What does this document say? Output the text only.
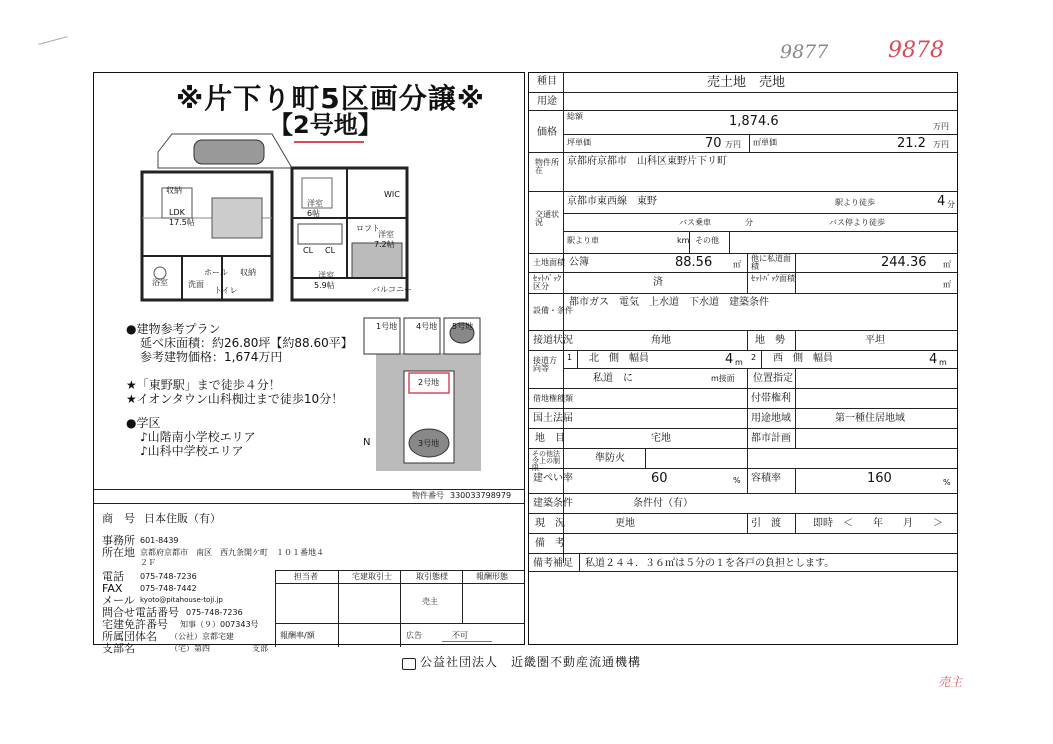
9877	9878
売主
※片下り町5区画分譲※
【2号地】
収納
LDK
17.5帖
ホール 収納
浴室	洗面
トイレ
WIC
洋室
6帖
ロフト
洋室
7.2帖
CL CL
洋室
5.9帖	バルコニー
●建物参考プラン
延べ床面積：約26.80坪【約88.60平】
参考建物価格：1,674万円
★「東野駅」まで徒歩４分！
★イオンタウン山科椥辻まで徒歩10分！
●学区
♪山階南小学校エリア
♪山科中学校エリア
1号地 4号地 5号地
2号地
3号地
N
物件番号 330033798979
商　号 日本住販（有）
事務所 601-8439
所在地 京都府京都市　南区　西九条開ケ町　１０１番地４
２Ｆ
電話 075-748-7236
FAX 075-748-7442
メール kyoto@pitahouse-toji.jp
問合せ電話番号 075-748-7236
宅建免許番号 知事（９）007343号
所属団体名 （公社）京都宅建
支部名	（宅）第四	支部
担当者	宅建取引士	取引態様	報酬形態
売主
報酬率/額	広告	不可
種目	売土地　売地
用途
価格
総額	1,874.6	万円
坪単価	70 万円 ㎡単価	21.2 万円
物件所在
京都府京都市　山科区東野片下リ町
交通状況
京都市東西線　東野	駅より徒歩	4 分
バス乗車	分	バス停より徒歩
駅より車	km その他
土地面積 公簿	88.56	㎡
他に私道面積	244.36 ㎡
ｾｯﾄﾊﾞｯｸ区分	済	ｾｯﾄﾊﾞｯｸ面積
㎡
設備・条件
都市ガス　電気　上水道　下水道　建築条件
接道状況	角地	地　勢	平坦
接道方向等
1 北　側　幅員	4 m
2 西　側　幅員	4 m
私道　に	m接面 位置指定
借地権種類	付帯権利
国土法届	用途地域	第一種住居地域
地　目	宅地	都市計画
その他法令上の制限
準防火
建ぺい率	60	% 容積率	160	%
建築条件	条件付（有）
現　況	更地	引　渡	即時　＜　　年　　月　　＞
備　考
備考補足 私道２４４．３６㎡は５分の１を各戸の負担とします。
公益社団法人　近畿圏不動産流通機構
